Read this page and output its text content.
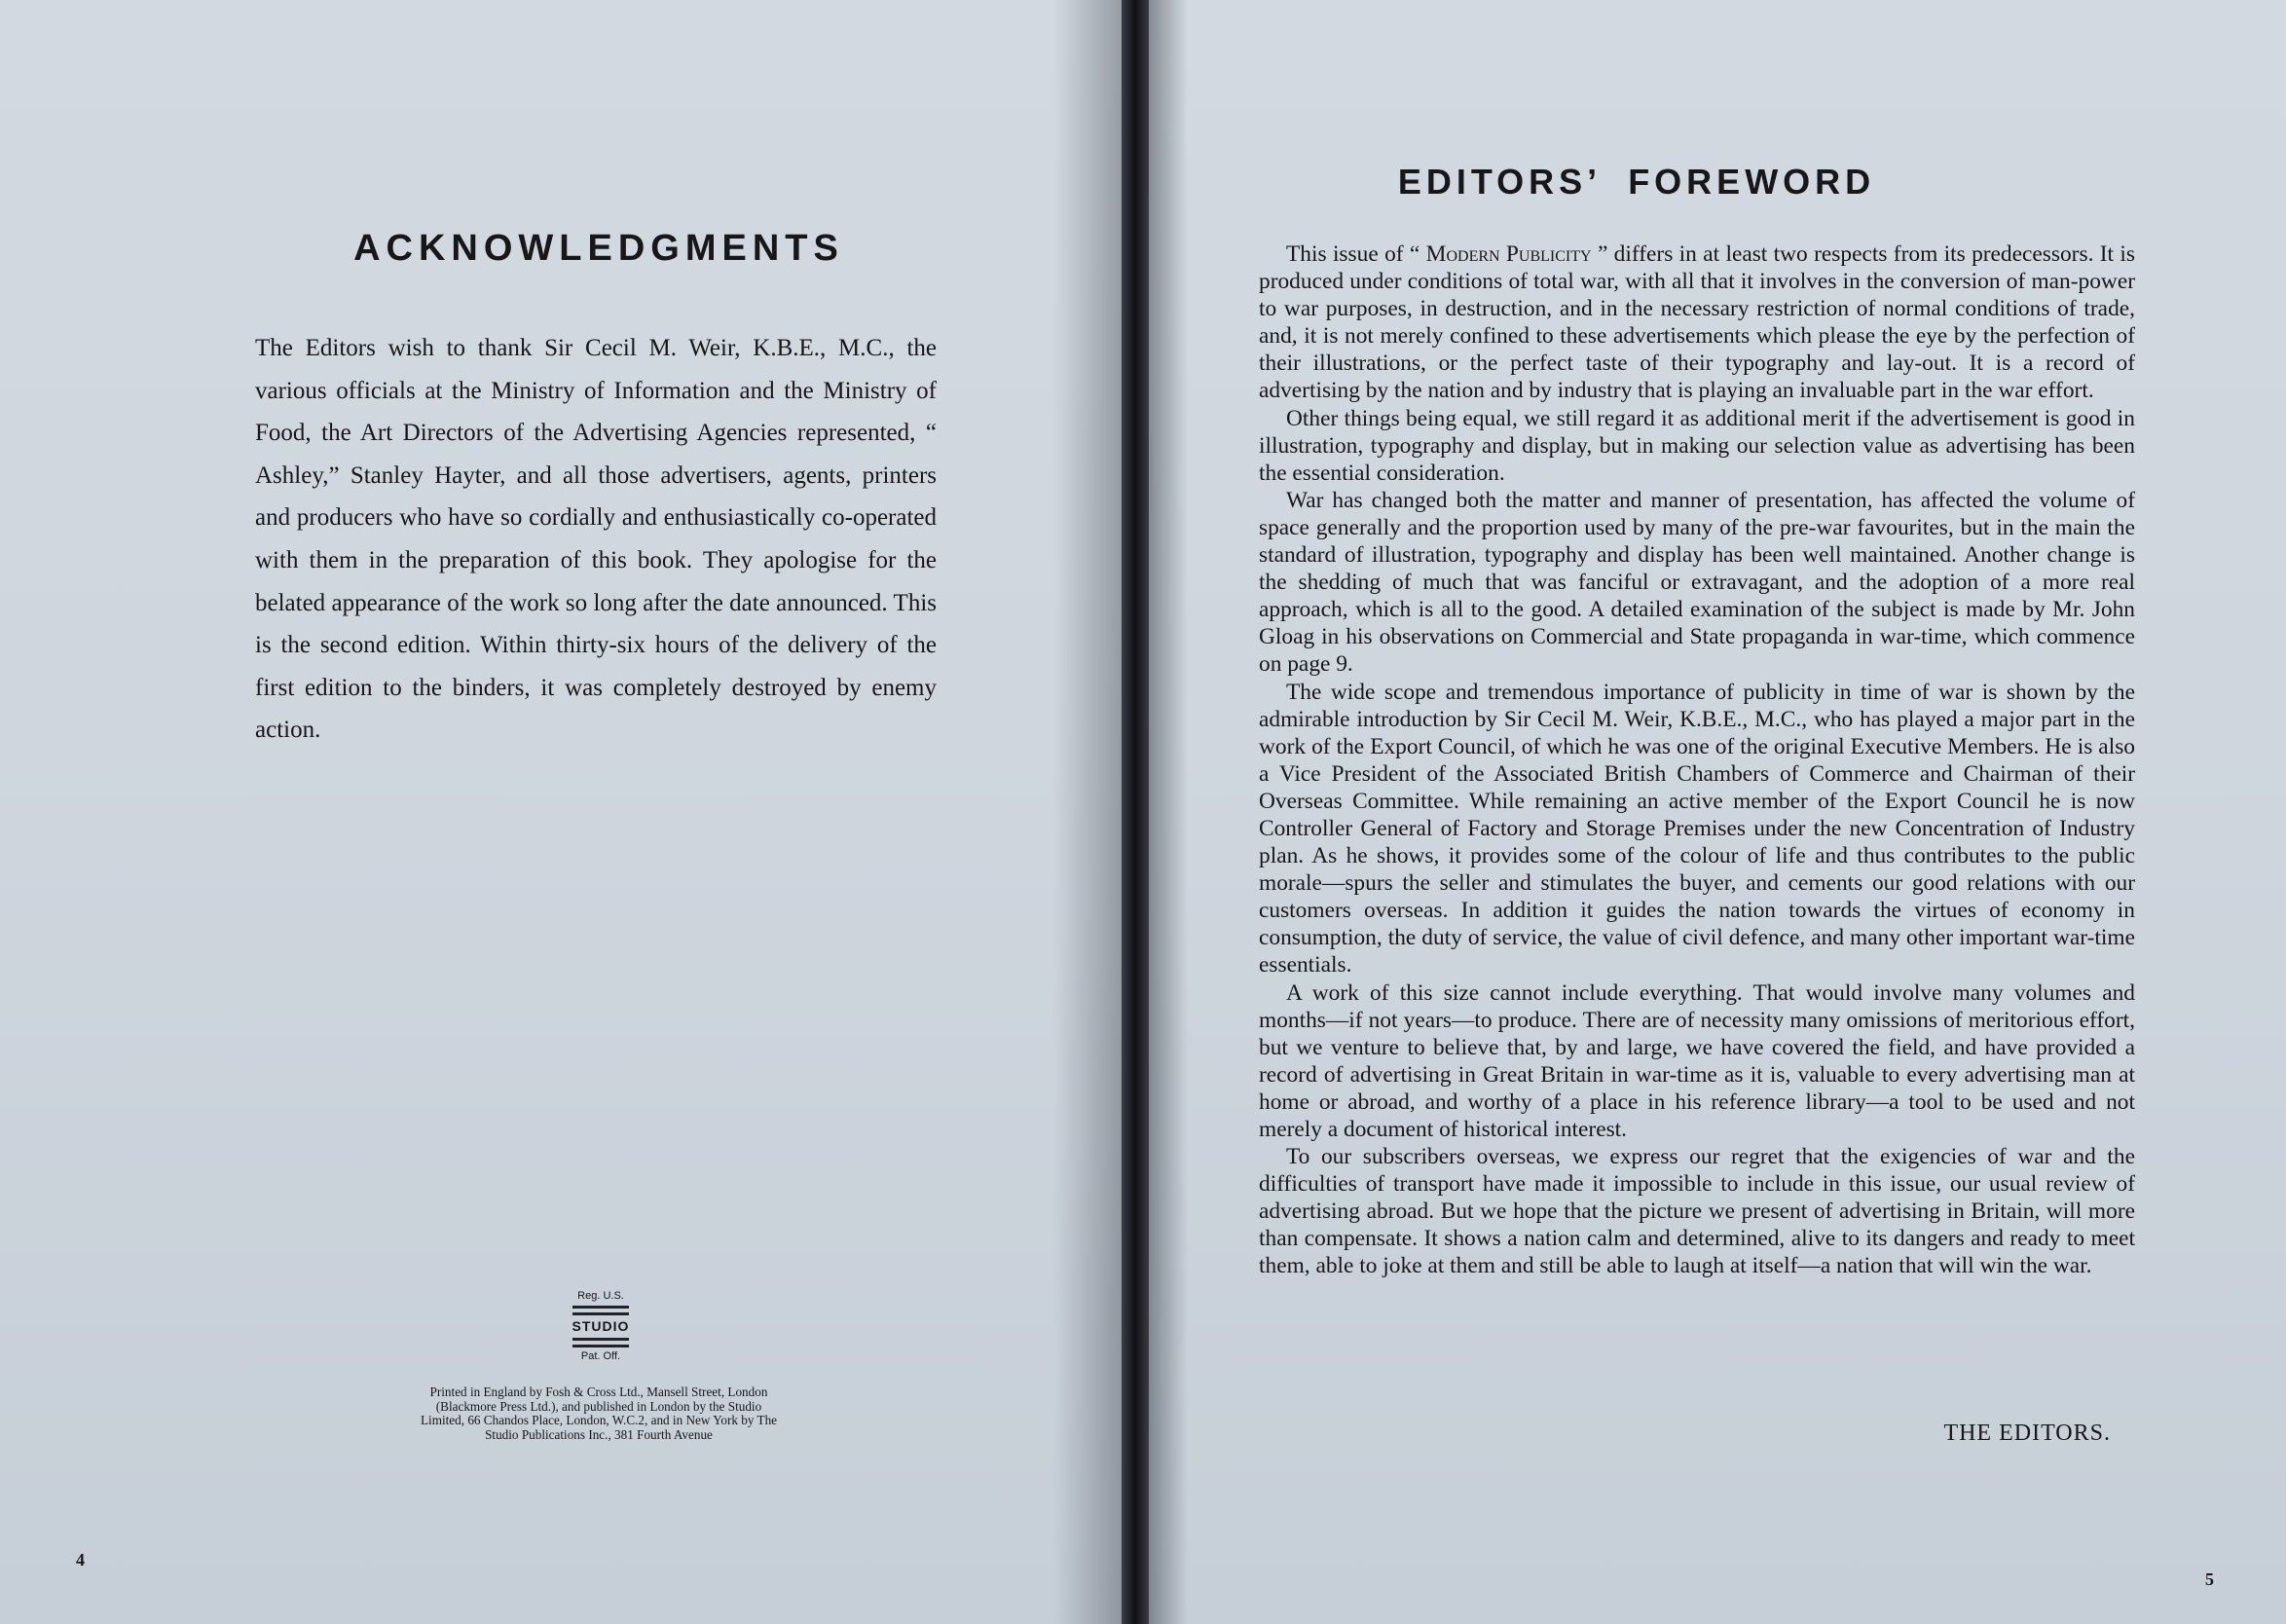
ACKNOWLEDGMENTS

The Editors wish to thank Sir Cecil M. Weir, K.B.E., M.C., the various officials at the Ministry of Information and the Ministry of Food, the Art Directors of the Advertising Agencies represented, “ Ashley,” Stanley Hayter, and all those advertisers, agents, printers and producers who have so cordially and enthusiastically co-operated with them in the preparation of this book. They apologise for the belated appearance of the work so long after the date announced. This is the second edition. Within thirty-six hours of the delivery of the first edition to the binders, it was completely destroyed by enemy action.

Reg. U.S.
STUDIO
Pat. Off.

Printed in England by Fosh & Cross Ltd., Mansell Street, London (Blackmore Press Ltd.), and published in London by the Studio Limited, 66 Chandos Place, London, W.C.2, and in New York by The Studio Publications Inc., 381 Fourth Avenue

4
EDITORS’ FOREWORD

This issue of “ Modern Publicity ” differs in at least two respects from its predecessors. It is produced under conditions of total war, with all that it involves in the conversion of man-power to war purposes, in destruction, and in the necessary restriction of normal conditions of trade, and, it is not merely confined to these advertisements which please the eye by the perfection of their illustrations, or the perfect taste of their typography and lay-out. It is a record of advertising by the nation and by industry that is playing an invaluable part in the war effort.

Other things being equal, we still regard it as additional merit if the advertisement is good in illustration, typography and display, but in making our selection value as advertising has been the essential consideration.

War has changed both the matter and manner of presentation, has affected the volume of space generally and the proportion used by many of the pre-war favourites, but in the main the standard of illustration, typography and display has been well maintained. Another change is the shedding of much that was fanciful or extravagant, and the adoption of a more real approach, which is all to the good. A detailed examination of the subject is made by Mr. John Gloag in his observations on Commercial and State propaganda in war-time, which commence on page 9.

The wide scope and tremendous importance of publicity in time of war is shown by the admirable introduction by Sir Cecil M. Weir, K.B.E., M.C., who has played a major part in the work of the Export Council, of which he was one of the original Executive Members. He is also a Vice President of the Associated British Chambers of Commerce and Chairman of their Overseas Committee. While remaining an active member of the Export Council he is now Controller General of Factory and Storage Premises under the new Concentration of Industry plan. As he shows, it provides some of the colour of life and thus contributes to the public morale—spurs the seller and stimulates the buyer, and cements our good relations with our customers overseas. In addition it guides the nation towards the virtues of economy in consumption, the duty of service, the value of civil defence, and many other important war-time essentials.

A work of this size cannot include everything. That would involve many volumes and months—if not years—to produce. There are of necessity many omissions of meritorious effort, but we venture to believe that, by and large, we have covered the field, and have provided a record of advertising in Great Britain in war-time as it is, valuable to every advertising man at home or abroad, and worthy of a place in his reference library—a tool to be used and not merely a document of historical interest.

To our subscribers overseas, we express our regret that the exigencies of war and the difficulties of transport have made it impossible to include in this issue, our usual review of advertising abroad. But we hope that the picture we present of advertising in Britain, will more than compensate. It shows a nation calm and determined, alive to its dangers and ready to meet them, able to joke at them and still be able to laugh at itself—a nation that will win the war.

THE EDITORS.
5
